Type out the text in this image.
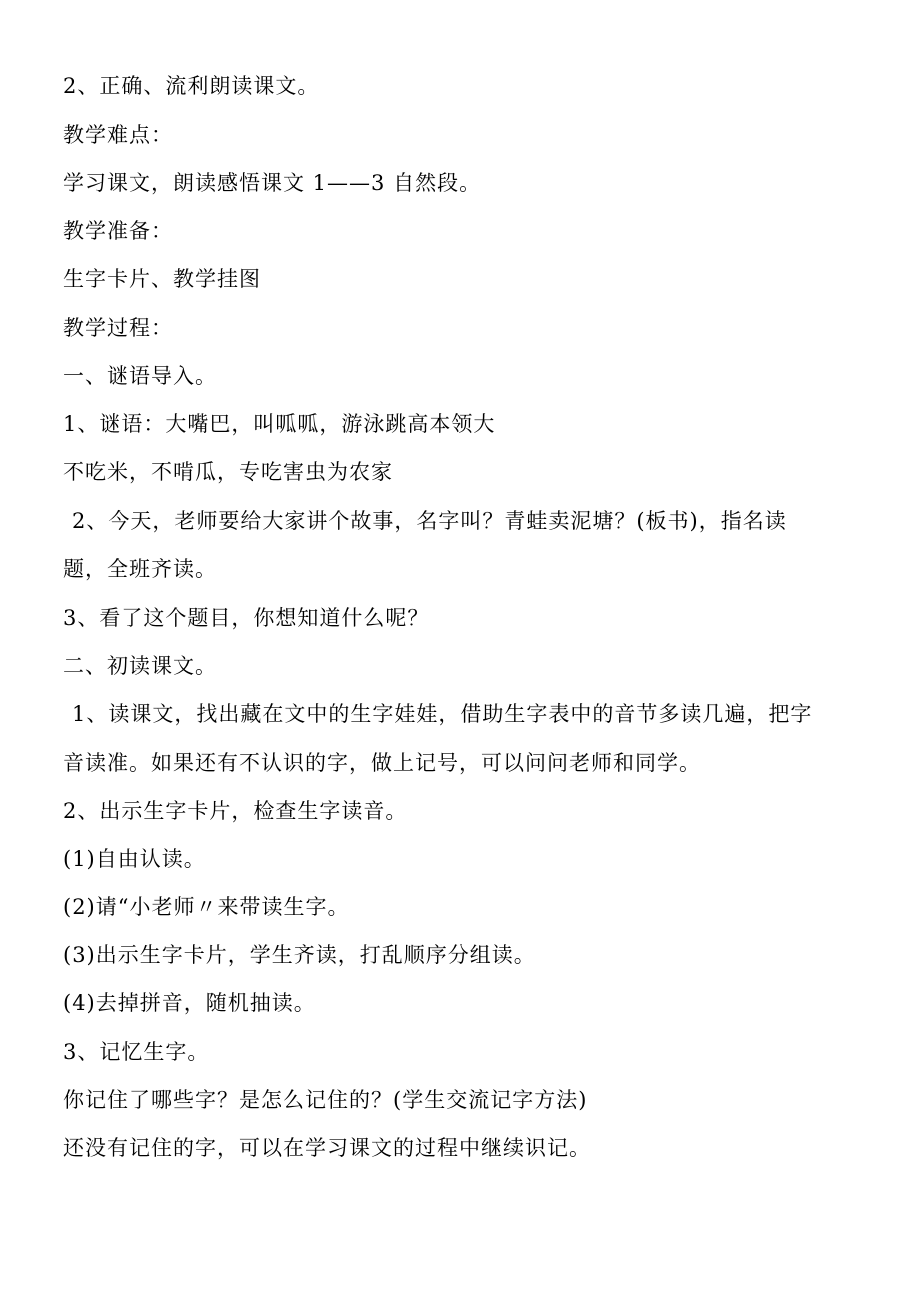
2、正确、流利朗读课文。
教学难点：
学习课文，朗读感悟课文 1——3 自然段。
教学准备：
生字卡片、教学挂图
教学过程：
一、谜语导入。
1、谜语：大嘴巴，叫呱呱，游泳跳高本领大
不吃米，不啃瓜，专吃害虫为农家
2、今天，老师要给大家讲个故事，名字叫？青蛙卖泥塘？(板书)，指名读
题，全班齐读。
3、看了这个题目，你想知道什么呢？
二、初读课文。
1、读课文，找出藏在文中的生字娃娃，借助生字表中的音节多读几遍，把字
音读准。如果还有不认识的字，做上记号，可以问问老师和同学。
2、出示生字卡片，检查生字读音。
(1)自由认读。
(2)请“小老师〃来带读生字。
(3)出示生字卡片，学生齐读，打乱顺序分组读。
(4)去掉拼音，随机抽读。
3、记忆生字。
你记住了哪些字？是怎么记住的？(学生交流记字方法)
还没有记住的字，可以在学习课文的过程中继续识记。
